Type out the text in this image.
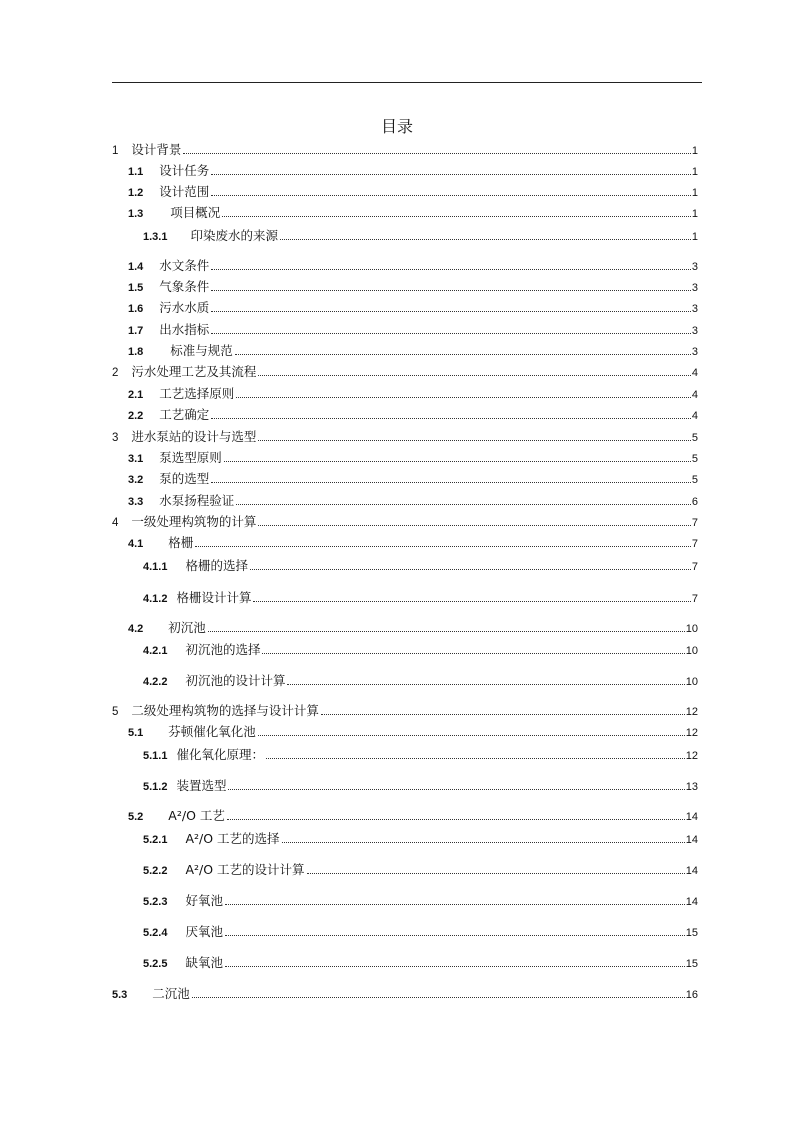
目录
1 设计背景	1
1.1 设计任务	1
1.2 设计范围	1
1.3 项目概况	1
1.3.1 印染废水的来源	1
1.4 水文条件	3
1.5 气象条件	3
1.6 污水水质	3
1.7 出水指标	3
1.8 标准与规范	3
2 污水处理工艺及其流程	4
2.1 工艺选择原则	4
2.2 工艺确定	4
3 进水泵站的设计与选型	5
3.1 泵选型原则	5
3.2 泵的选型	5
3.3 水泵扬程验证	6
4 一级处理构筑物的计算	7
4.1 格栅	7
4.1.1 格栅的选择	7
4.1.2 格栅设计计算	7
4.2 初沉池	10
4.2.1 初沉池的选择	10
4.2.2 初沉池的设计计算	10
5 二级处理构筑物的选择与设计计算	12
5.1 芬顿催化氧化池	12
5.1.1 催化氧化原理：	12
5.1.2 装置选型	13
5.2 A²/O 工艺	14
5.2.1 A²/O 工艺的选择	14
5.2.2 A²/O 工艺的设计计算	14
5.2.3 好氧池	14
5.2.4 厌氧池	15
5.2.5 缺氧池	15
5.3 二沉池	16
